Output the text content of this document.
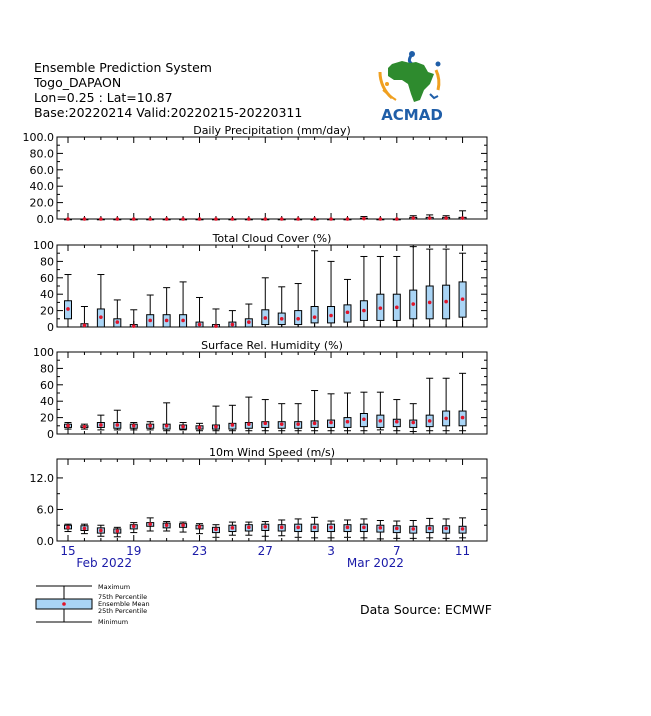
Ensemble Prediction System
Togo_DAPAON
Lon=0.25 : Lat=10.87
Base:20220214 Valid:20220215-20220311	ACMAD
Daily Precipitation (mm/day)
0.0
20.0
40.0
60.0
80.0
100.0
Total Cloud Cover (%)
0
20
40
60
80
100
Surface Rel. Humidity (%)
0
20
40
60
80
100
10m Wind Speed (m/s)
0.0
6.0
12.0
15	19	23	27	3	7	11
Feb 2022	Mar 2022
Maximum
75th Percentile
Ensemble Mean
25th Percentile
Minimum
Data Source: ECMWF
